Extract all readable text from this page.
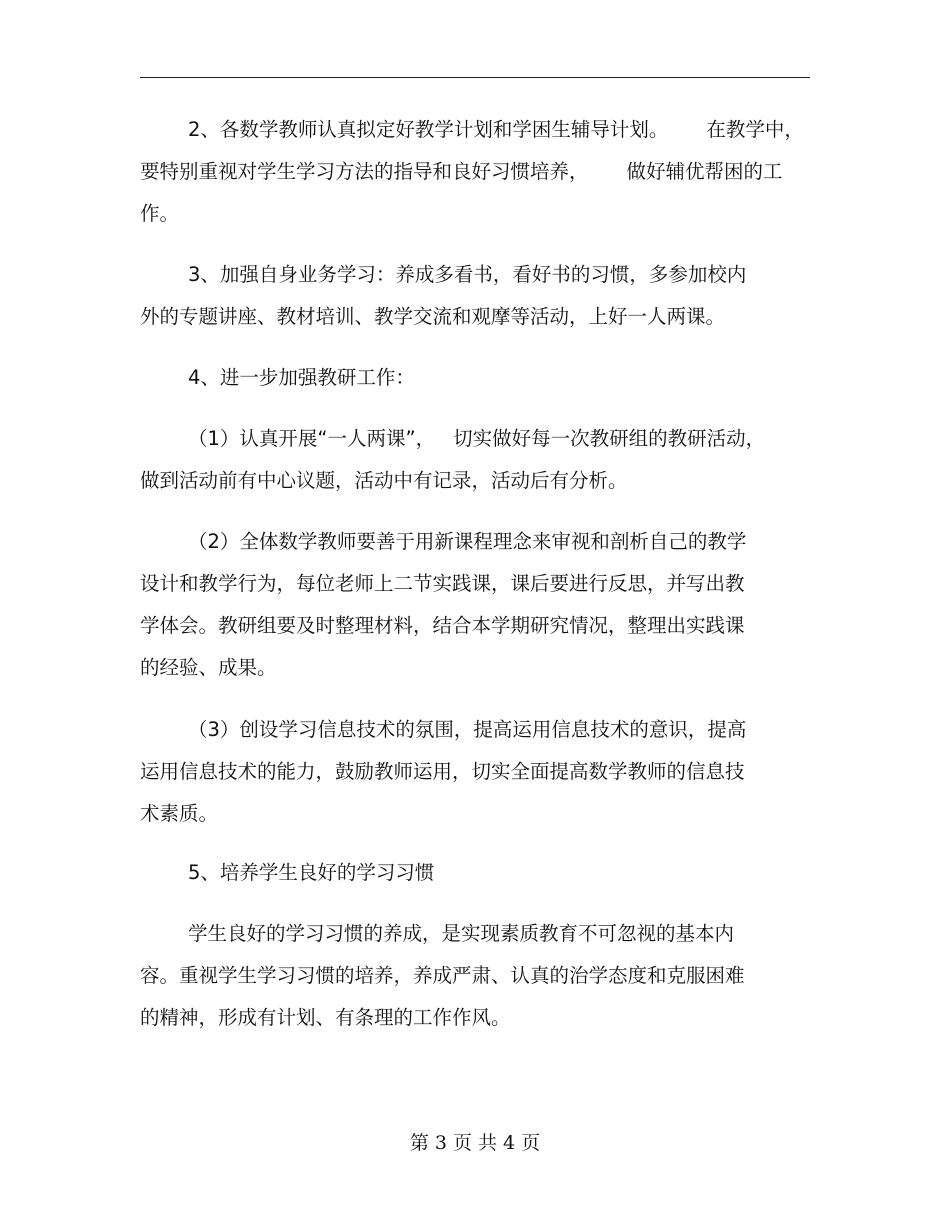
2、各数学教师认真拟定好教学计划和学困生辅导计划。 在教学中，
要特别重视对学生学习方法的指导和良好习惯培养， 做好辅优帮困的工
作。
3、加强自身业务学习：养成多看书，看好书的习惯，多参加校内
外的专题讲座、教材培训、教学交流和观摩等活动，上好一人两课。
4、进一步加强教研工作：
（1）认真开展“一人两课”， 切实做好每一次教研组的教研活动，
做到活动前有中心议题，活动中有记录，活动后有分析。
（2）全体数学教师要善于用新课程理念来审视和剖析自己的教学
设计和教学行为，每位老师上二节实践课，课后要进行反思，并写出教
学体会。教研组要及时整理材料，结合本学期研究情况，整理出实践课
的经验、成果。
（3）创设学习信息技术的氛围，提高运用信息技术的意识，提高
运用信息技术的能力，鼓励教师运用，切实全面提高数学教师的信息技
术素质。
5、培养学生良好的学习习惯
学生良好的学习习惯的养成，是实现素质教育不可忽视的基本内
容。重视学生学习习惯的培养，养成严肃、认真的治学态度和克服困难
的精神，形成有计划、有条理的工作作风。
第 3 页 共 4 页
